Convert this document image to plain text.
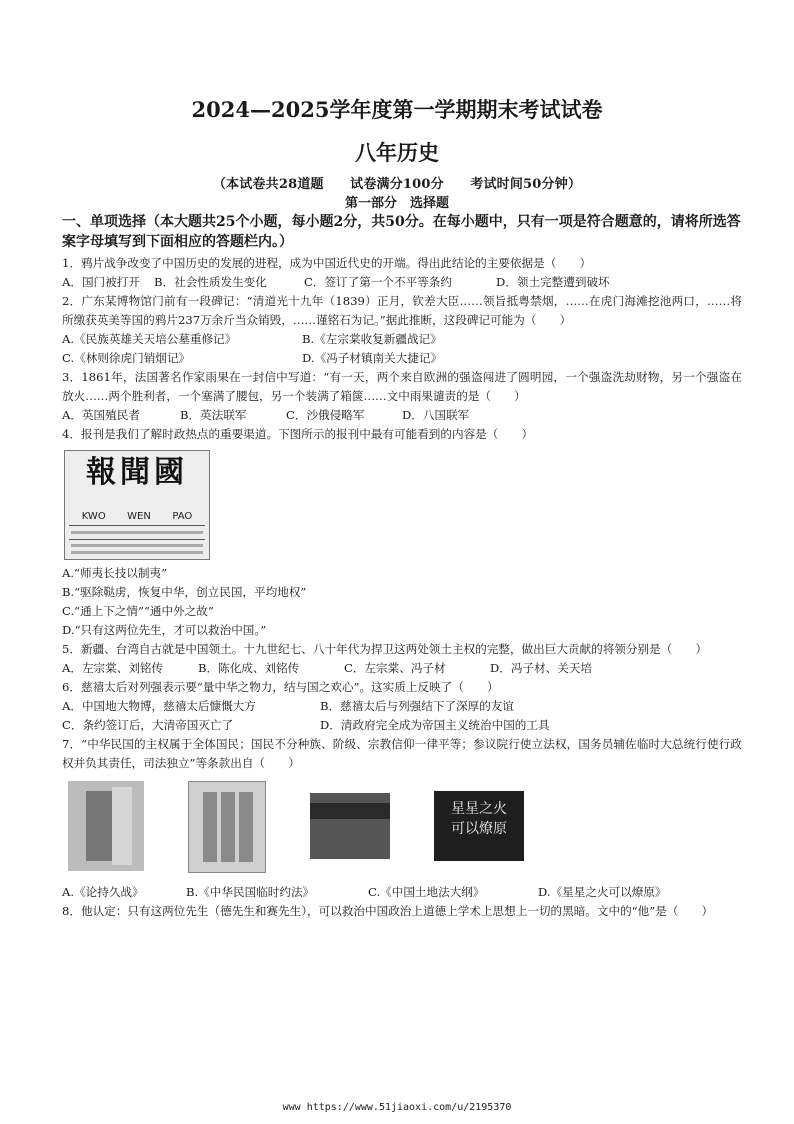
2024—2025学年度第一学期期末考试试卷
八年历史
（本试卷共28道题　　试卷满分100分　　考试时间50分钟）
第一部分　选择题
一、单项选择（本大题共25个小题，每小题2分，共50分。在每小题中，只有一项是符合题意的，请将所选答案字母填写到下面相应的答题栏内。）

1．鸦片战争改变了中国历史的发展的进程，成为中国近代史的开端。得出此结论的主要依据是（　　）

A．国门被打开	B．社会性质发生变化	C．签订了第一个不平等条约	D．领土完整遭到破坏

2．广东某博物馆门前有一段碑记：“清道光十九年（1839）正月，钦差大臣……领旨抵粤禁烟，……在虎门海滩挖池两口，……将所缴获英美等国的鸦片237万余斤当众销毁，……谨铭石为记。”据此推断，这段碑记可能为（　　）

A.《民族英雄关天培公墓重修记》	B.《左宗棠收复新疆战记》
C.《林则徐虎门销烟记》	D.《冯子材镇南关大捷记》

3．1861年，法国著名作家雨果在一封信中写道：“有一天，两个来自欧洲的强盗闯进了圆明园，一个强盗洗劫财物，另一个强盗在放火……两个胜利者，一个塞满了腰包，另一个装满了箱箧……文中雨果谴责的是（　　）

A．英国殖民者	B．英法联军	C．沙俄侵略军	D．八国联军

4．报刊是我们了解时政热点的重要渠道。下图所示的报刊中最有可能看到的内容是（　　）

報聞國
KWO WEN PAO

A.“师夷长技以制夷”

B.“驱除鞑虏，恢复中华，创立民国，平均地权”

C.“通上下之情”“通中外之故”

D.“只有这两位先生，才可以救治中国。”

5．新疆、台湾自古就是中国领土。十九世纪七、八十年代为捍卫这两处领土主权的完整，做出巨大贡献的将领分别是（　　）

A．左宗棠、刘铭传	B．陈化成、刘铭传	C．左宗棠、冯子材	D．冯子材、关天培

6．慈禧太后对列强表示要“量中华之物力，结与国之欢心”。这实质上反映了（　　）

A．中国地大物博，慈禧太后慷慨大方	B．慈禧太后与列强结下了深厚的友谊
C．条约签订后，大清帝国灭亡了	D．清政府完全成为帝国主义统治中国的工具

7．“中华民国的主权属于全体国民；国民不分种族、阶级、宗教信仰一律平等；参议院行使立法权，国务员辅佐临时大总统行使行政权并负其责任，司法独立”等条款出自（　　）

星星之火
可以燎原
A.《论持久战》	B.《中华民国临时约法》	C.《中国土地法大纲》	D.《星星之火可以燎原》

8．他认定：只有这两位先生（德先生和赛先生），可以救治中国政治上道德上学术上思想上一切的黑暗。文中的“他”是（　　）

www https://www.51jiaoxi.com/u/2195370
